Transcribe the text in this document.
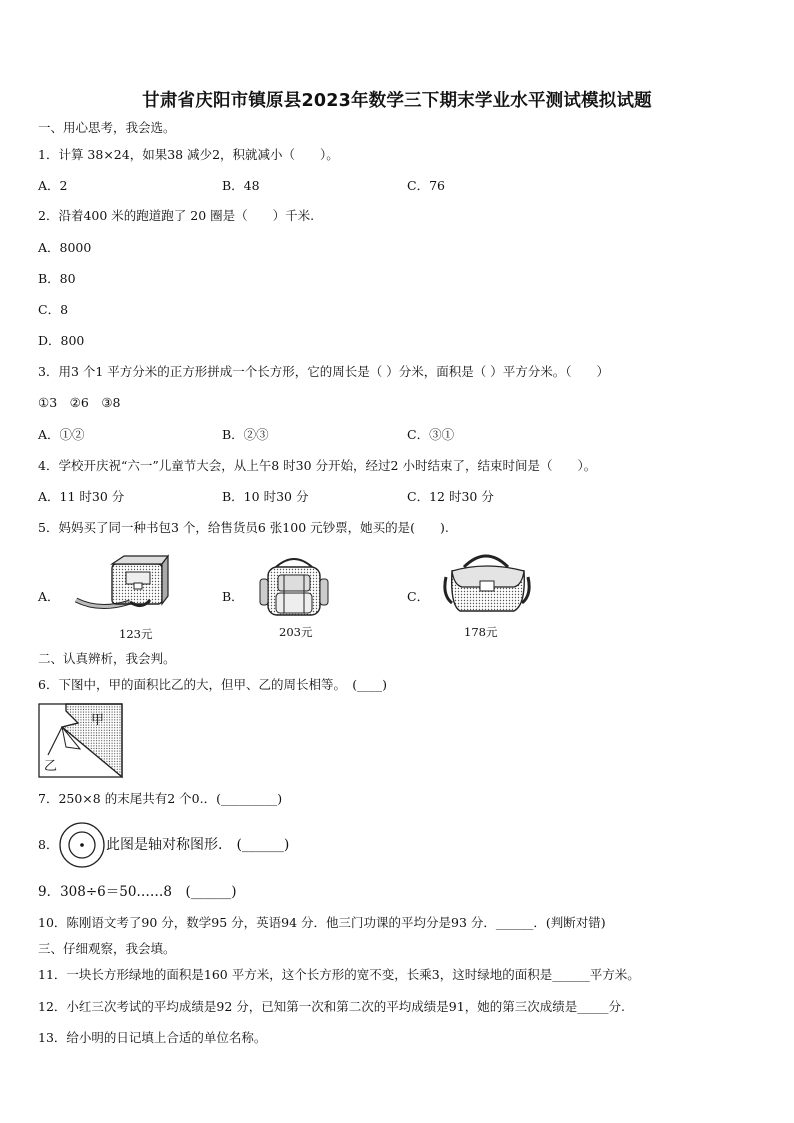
甘肃省庆阳市镇原县2023年数学三下期末学业水平测试模拟试题
一、用心思考，我会选。
1．计算 38×24，如果38 减少2，积就减小（　　）。
A．2	B．48	C．76
2．沿着400 米的跑道跑了 20 圈是（　　）千米.
A．8000
B．80
C．8
D．800
3．用3 个1 平方分米的正方形拼成一个长方形，它的周长是（ ）分米，面积是（ ）平方分米。（　　）
①3　②6　③8
A．①②	B．②③	C．③①
4．学校开庆祝“六一”儿童节大会，从上午8 时30 分开始，经过2 小时结束了，结束时间是（　　）。
A．11 时30 分	B．10 时30 分	C．12 时30 分
5．妈妈买了同一种书包3 个，给售货员6 张100 元钞票，她买的是(　　).
A．
123元
B．
203元
C．
178元
二、认真辨析，我会判。
6．下图中，甲的面积比乙的大，但甲、乙的周长相等。　(____)
甲
乙
7．250×8 的末尾共有2 个0.．(_________)
8．	此图是轴对称图形.　(______)
9．308÷6＝50……8　(______)
10．陈刚语文考了90 分，数学95 分，英语94 分．他三门功课的平均分是93 分．______．(判断对错)
三、仔细观察，我会填。
11．一块长方形绿地的面积是160 平方米，这个长方形的宽不变，长乘3，这时绿地的面积是______平方米。
12．小红三次考试的平均成绩是92 分，已知第一次和第二次的平均成绩是91，她的第三次成绩是_____分.
13．给小明的日记填上合适的单位名称。
